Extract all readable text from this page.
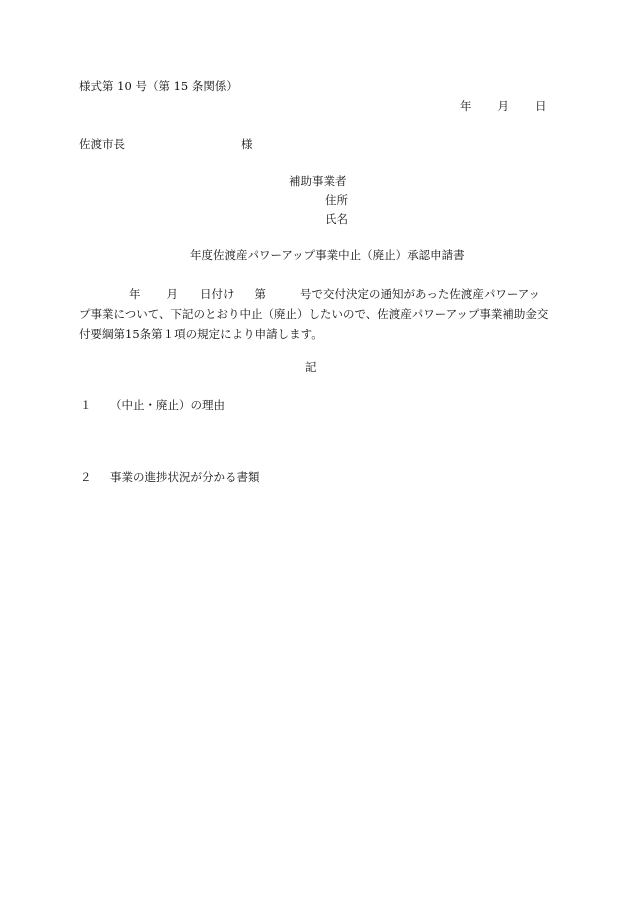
様式第 10 号（第 15 条関係）
年 月 日
佐渡市長	様
補助事業者
住所
氏名
年度佐渡産パワーアップ事業中止（廃止）承認申請書
年 月 日付け 第	号で交付決定の通知があった佐渡産パワーアップ事業について、下記のとおり中止（廃止）したいので、佐渡産パワーアップ事業補助金交付要綱第15条第１項の規定により申請します。
記
１ （中止・廃止）の理由
２ 事業の進捗状況が分かる書類
